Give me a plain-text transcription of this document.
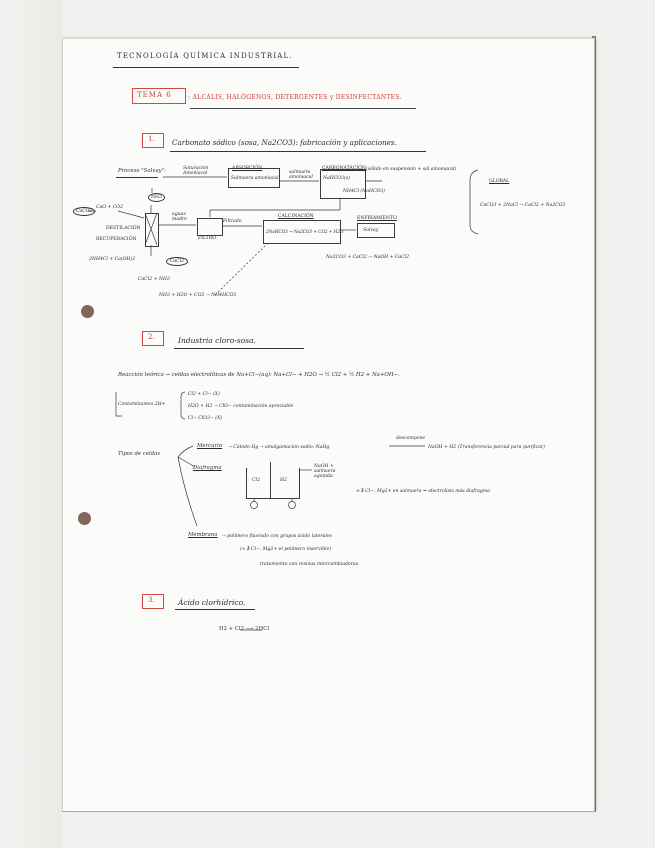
TECNOLOGÍA QUÍMICA INDUSTRIAL.
TEMA 6	: ALCÁLIS, HALÓGENOS, DETERGENTES y DESINFECTANTES.
1. Carbonato sódico (sosa, Na2CO3): fabricación y aplicaciones.
Proceso "Solvay":	Saturación Amoniacal
ABSORCIÓN
Salmuera amoniacal
salmuera amoniacal
CARBONATACIÓN (sólido en suspensión + sal amoniacal)
NaHCO3(s)
NH4Cl (NaHCO3)
NH3
CaCO3
CaO + CO2
DESTILACIÓN
RECUPERACIÓN
aguas madre
FILTRO
Filtrado
CALCINACIÓN
2NaHCO3 → Na2CO3 + CO2 + H2O
ENFRIAMIENTO
Solvay
Na2CO3 + CaCl2 → NaOH + CaCl2
2NH4Cl + Ca(OH)2	CaCl2
CaCl2 + NH3
NH3 + H2O + CO2 → NH4HCO3
GLOBAL
CaCO3 + 2NaCl → CaCl2 + Na2CO3
2.	Industria cloro-sosa.
Reacción teórica → celdas electrolíticas de Na+Cl−(aq): Na+Cl− + H2O → ½ Cl2 + ½ H2 + Na+OH−.
Contaminantes 2H+
Cl2 + Cl− (X)
H2O + H2 → ClO− contaminación apreciable
Cl− ClO3− (X)
Tipos de celdas
Mercurio → Cátodo Hg → amalgamación sodio: NaHg
descompone
NaOH + H2 (Transferencia parcial para purificar)
Diafragma
Cl2	H2
NaOH + salmuera agotada
≈ ∄ Cl−, Mg2+ en salmuera ⇒ electrolisis más diafragma
Membrana → polímero fluorado con grupos ácido laterales
(≈ ∄ Cl−, Mg2+ el polímero inservible)
tratamiento con resinas intercambiadoras.
3.	Ácido clorhídrico.
H2 + Cl2 ⟶ 2HCl
